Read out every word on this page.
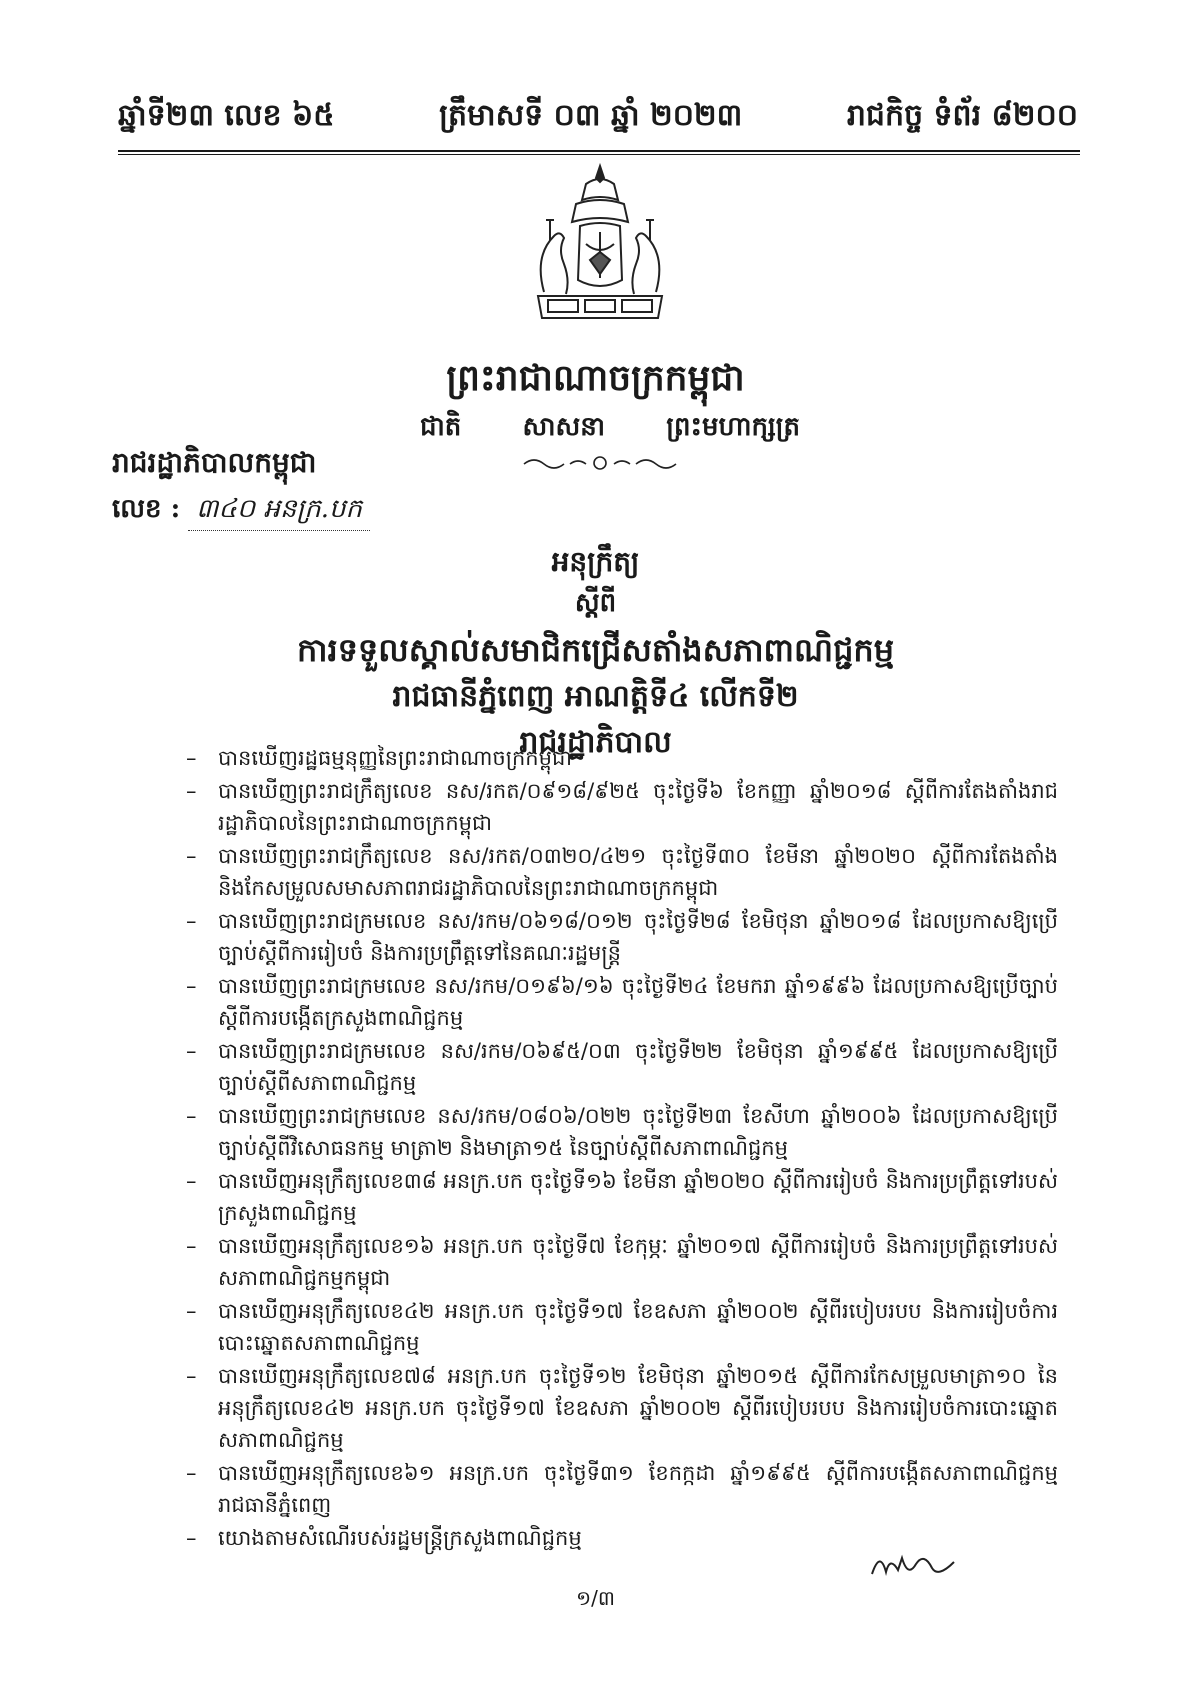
ឆ្នាំទី២៣ លេខ ៦៥	ត្រឹមាសទី ០៣ ឆ្នាំ ២០២៣	រាជកិច្ច ទំព័រ ៨២០០
ព្រះរាជាណាចក្រកម្ពុជា
ជាតិ សាសនា ព្រះមហាក្សត្រ
រាជរដ្ឋាភិបាលកម្ពុជា
លេខ : ៣៤០ អនក្រ.បក
អនុក្រឹត្យ
ស្ដីពី
ការទទួលស្គាល់សមាជិកជ្រើសតាំងសភាពាណិជ្ជកម្ម
រាជធានីភ្នំពេញ អាណត្តិទី៤ លើកទី២
រាជរដ្ឋាភិបាល
– បានឃើញរដ្ឋធម្មនុញ្ញនៃព្រះរាជាណាចក្រកម្ពុជា
– បានឃើញព្រះរាជក្រឹត្យលេខ នស/រកត/០៩១៨/៩២៥ ចុះថ្ងៃទី៦ ខែកញ្ញា ឆ្នាំ២០១៨ ស្ដីពីការតែងតាំងរាជរដ្ឋាភិបាលនៃព្រះរាជាណាចក្រកម្ពុជា
– បានឃើញព្រះរាជក្រឹត្យលេខ នស/រកត/០៣២០/៤២១ ចុះថ្ងៃទី៣០ ខែមីនា ឆ្នាំ២០២០ ស្ដីពីការតែងតាំង និងកែសម្រួលសមាសភាពរាជរដ្ឋាភិបាលនៃព្រះរាជាណាចក្រកម្ពុជា
– បានឃើញព្រះរាជក្រមលេខ នស/រកម/០៦១៨/០១២ ចុះថ្ងៃទី២៨ ខែមិថុនា ឆ្នាំ២០១៨ ដែលប្រកាសឱ្យប្រើច្បាប់ស្ដីពីការរៀបចំ និងការប្រព្រឹត្តទៅនៃគណៈរដ្ឋមន្ត្រី
– បានឃើញព្រះរាជក្រមលេខ នស/រកម/០១៩៦/១៦ ចុះថ្ងៃទី២៤ ខែមករា ឆ្នាំ១៩៩៦ ដែលប្រកាសឱ្យប្រើច្បាប់ស្ដីពីការបង្កើតក្រសួងពាណិជ្ជកម្ម
– បានឃើញព្រះរាជក្រមលេខ នស/រកម/០៦៩៥/០៣ ចុះថ្ងៃទី២២ ខែមិថុនា ឆ្នាំ១៩៩៥ ដែលប្រកាសឱ្យប្រើច្បាប់ស្ដីពីសភាពាណិជ្ជកម្ម
– បានឃើញព្រះរាជក្រមលេខ នស/រកម/០៨០៦/០២២ ចុះថ្ងៃទី២៣ ខែសីហា ឆ្នាំ២០០៦ ដែលប្រកាសឱ្យប្រើច្បាប់ស្ដីពីវិសោធនកម្ម មាត្រា២ និងមាត្រា១៥ នៃច្បាប់ស្ដីពីសភាពាណិជ្ជកម្ម
– បានឃើញអនុក្រឹត្យលេខ៣៨ អនក្រ.បក ចុះថ្ងៃទី១៦ ខែមីនា ឆ្នាំ២០២០ ស្ដីពីការរៀបចំ និងការប្រព្រឹត្តទៅរបស់ក្រសួងពាណិជ្ជកម្ម
– បានឃើញអនុក្រឹត្យលេខ១៦ អនក្រ.បក ចុះថ្ងៃទី៧ ខែកុម្ភៈ ឆ្នាំ២០១៧ ស្ដីពីការរៀបចំ និងការប្រព្រឹត្តទៅរបស់សភាពាណិជ្ជកម្មកម្ពុជា
– បានឃើញអនុក្រឹត្យលេខ៤២ អនក្រ.បក ចុះថ្ងៃទី១៧ ខែឧសភា ឆ្នាំ២០០២ ស្ដីពីរបៀបរបប និងការរៀបចំការបោះឆ្នោតសភាពាណិជ្ជកម្ម
– បានឃើញអនុក្រឹត្យលេខ៧៨ អនក្រ.បក ចុះថ្ងៃទី១២ ខែមិថុនា ឆ្នាំ២០១៥ ស្ដីពីការកែសម្រួលមាត្រា១០ នៃអនុក្រឹត្យលេខ៤២ អនក្រ.បក ចុះថ្ងៃទី១៧ ខែឧសភា ឆ្នាំ២០០២ ស្ដីពីរបៀបរបប និងការរៀបចំការបោះឆ្នោតសភាពាណិជ្ជកម្ម
– បានឃើញអនុក្រឹត្យលេខ៦១ អនក្រ.បក ចុះថ្ងៃទី៣១ ខែកក្កដា ឆ្នាំ១៩៩៥ ស្ដីពីការបង្កើតសភាពាណិជ្ជកម្មរាជធានីភ្នំពេញ
– យោងតាមសំណើរបស់រដ្ឋមន្ត្រីក្រសួងពាណិជ្ជកម្ម
១/៣
